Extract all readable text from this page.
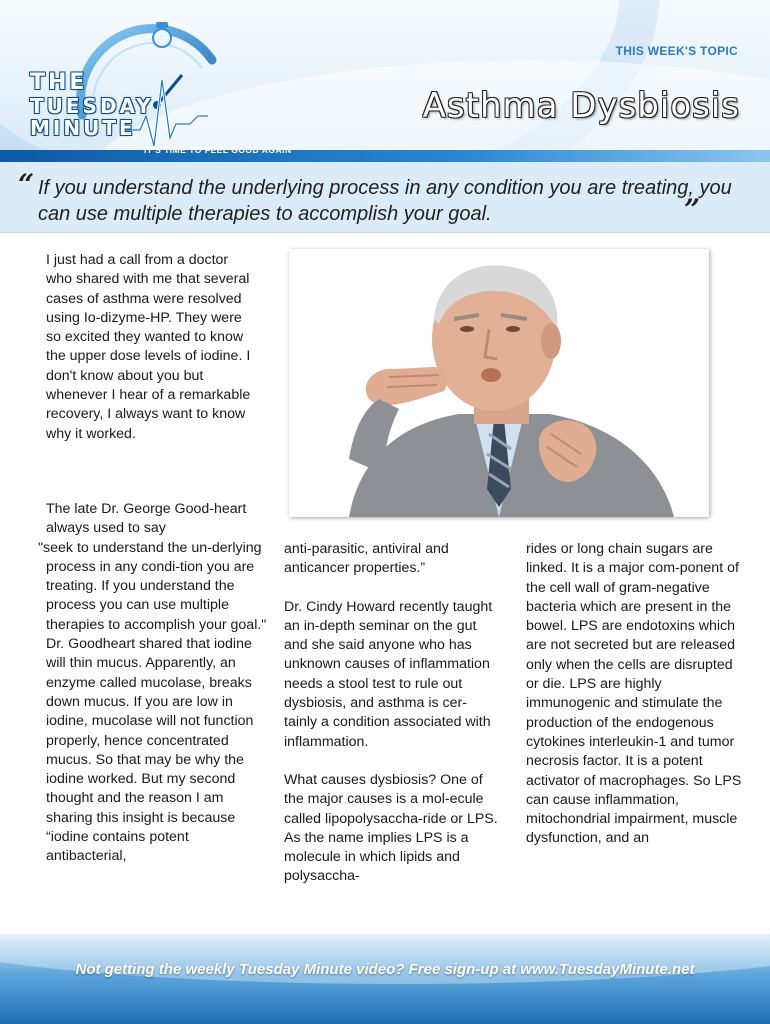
THE
TUESDAY
MINUTE
THIS WEEK'S TOPIC
Asthma Dysbiosis
IT'S TIME TO FEEL GOOD AGAIN
“ If you understand the underlying process in any condition you are treating, you can use multiple therapies to accomplish your goal.	”

I just had a call from a doctor who shared with me that several cases of asthma were resolved using Io-dizyme-HP. They were so excited they wanted to know the upper dose levels of iodine. I don't know about you but whenever I hear of a remarkable recovery, I always want to know why it worked.

The late Dr. George Good-heart always used to say

"seek to understand the un-derlying process in any condi-tion you are treating. If you understand the process you can use multiple therapies to accomplish your goal." Dr. Goodheart shared that iodine will thin mucus. Apparently, an enzyme called mucolase, breaks down mucus. If you are low in iodine, mucolase will not function properly, hence concentrated mucus. So that may be why the iodine worked. But my second thought and the reason I am sharing this insight is because “iodine contains potent antibacterial,

anti-parasitic, antiviral and anticancer properties.”

Dr. Cindy Howard recently taught an in-depth seminar on the gut and she said anyone who has unknown causes of inflammation needs a stool test to rule out dysbiosis, and asthma is cer-tainly a condition associated with inflammation.

What causes dysbiosis? One of the major causes is a mol-ecule called lipopolysaccha-ride or LPS. As the name implies LPS is a molecule in which lipids and polysaccha-

rides or long chain sugars are linked. It is a major com-ponent of the cell wall of gram-negative bacteria which are present in the bowel. LPS are endotoxins which are not secreted but are released only when the cells are disrupted or die. LPS are highly immunogenic and stimulate the production of the endogenous cytokines interleukin-1 and tumor necrosis factor. It is a potent activator of macrophages. So LPS can cause inflammation, mitochondrial impairment, muscle dysfunction, and an

Not getting the weekly Tuesday Minute video? Free sign-up at www.TuesdayMinute.net
